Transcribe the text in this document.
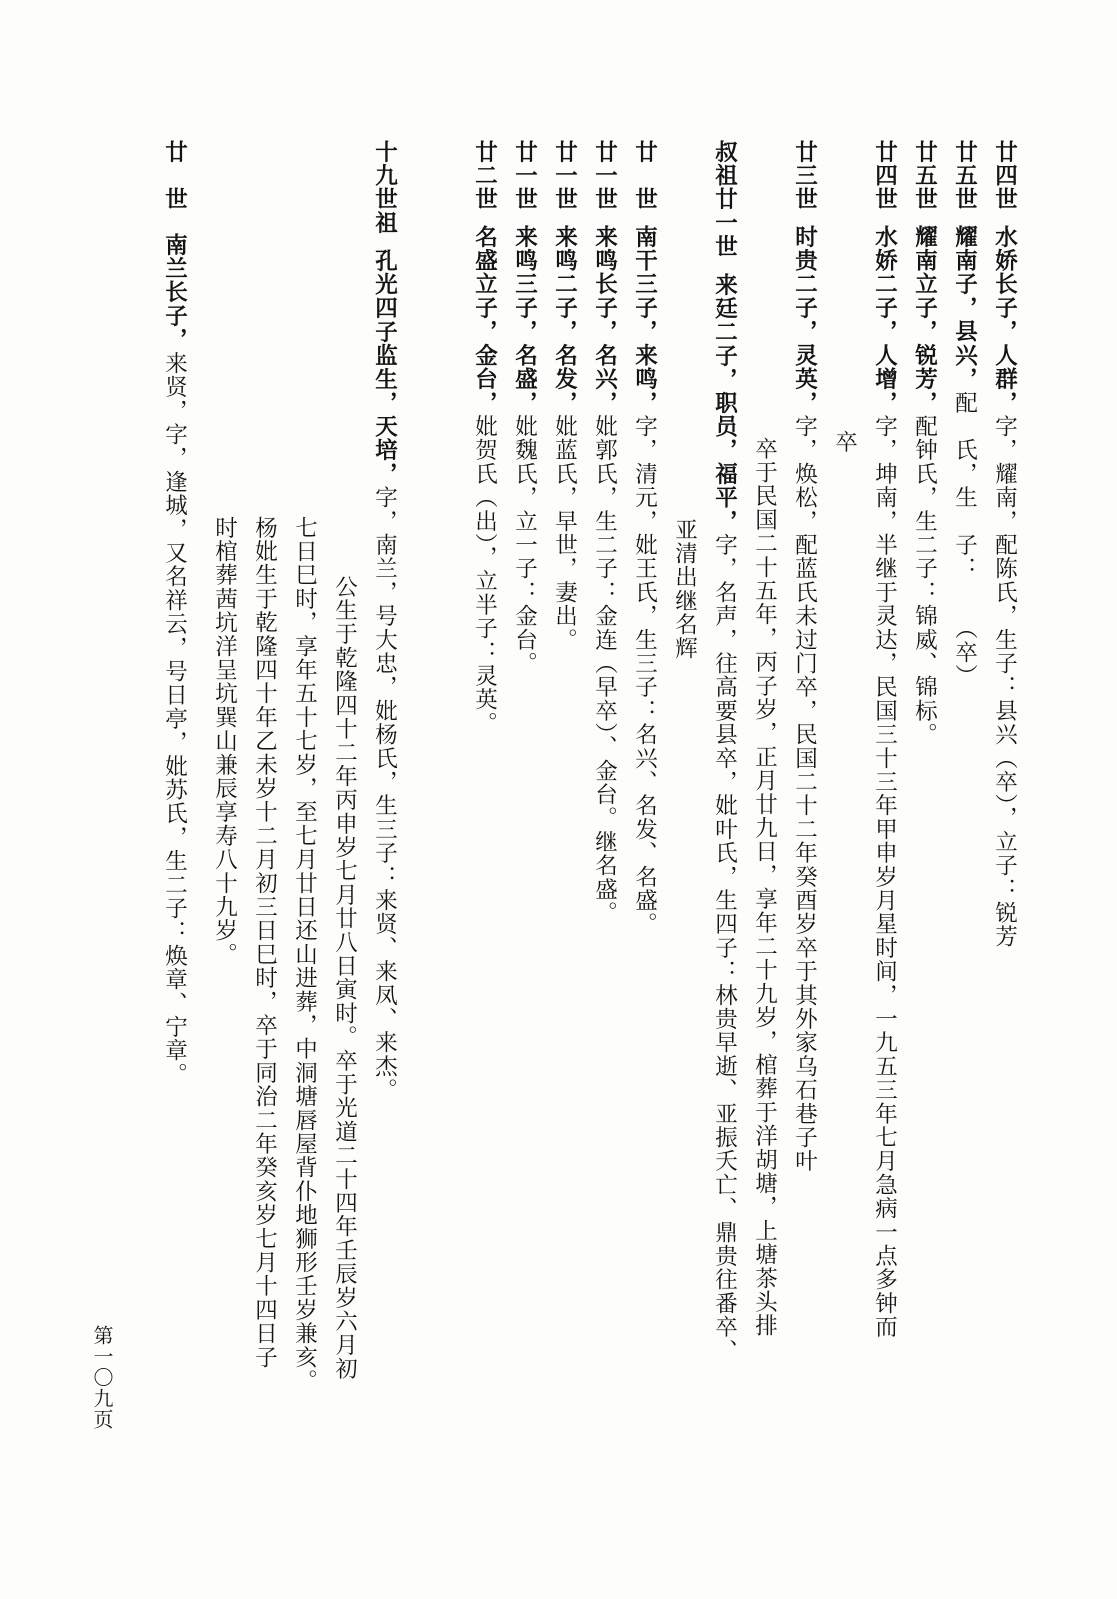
廿四世水娇长子，人群，字，耀南，配陈氏，生子：县兴（卒），立子：锐芳
卒
廿五世耀南子，县兴，配　氏，生　子：　　（卒）
廿五世耀南立子，锐芳，配钟氏，生二子：锦威、锦标。
廿四世水娇二子，人增，字，坤南，半继于灵达，民国三十三年甲申岁月星时间，一九五三年七月急病一点多钟而
廿三世时贵二子，灵英，字，焕松，配蓝氏未过门卒，民国二十二年癸酉岁卒于其外家乌石巷子叶
卒于民国二十五年，丙子岁，正月廿九日，享年二十九岁，棺葬于洋胡塘，上塘茶头排
叔祖廿一世来廷二子，职员，福平，字，名声，往高要县卒，妣叶氏，生四子：林贵早逝、亚振夭亡、鼎贵往番卒、
亚清出继名辉
廿　世南干三子，来鸣，字，清元，妣王氏，生三子：名兴、名发、名盛。
廿一世来鸣长子，名兴，妣郭氏，生二子：金连（早卒）、金台。继名盛。
廿一世来鸣二子，名发，妣蓝氏，早世，妻出。
廿一世来鸣三子，名盛，妣魏氏，立一子：金台。
廿二世名盛立子，金台，妣贺氏（出），立半子：灵英。
十九世祖孔光四子监生，天培，字，南兰，号大忠，妣杨氏，生三子：来贤、来凤、来杰。
公生于乾隆四十二年丙申岁七月廿八日寅时。卒于光道二十四年壬辰岁六月初
七日巳时，享年五十七岁，至七月廿日还山进葬，中洞塘唇屋背仆地狮形壬岁兼亥。
杨妣生于乾隆四十年乙未岁十二月初三日巳时，卒于同治二年癸亥岁七月十四日子
时棺葬茜坑洋呈坑巽山兼辰享寿八十九岁。
廿　世南兰长子，来贤，字，逢城，又名祥云，号日亭，妣苏氏，生二子：焕章、宁章。
第一〇九页
